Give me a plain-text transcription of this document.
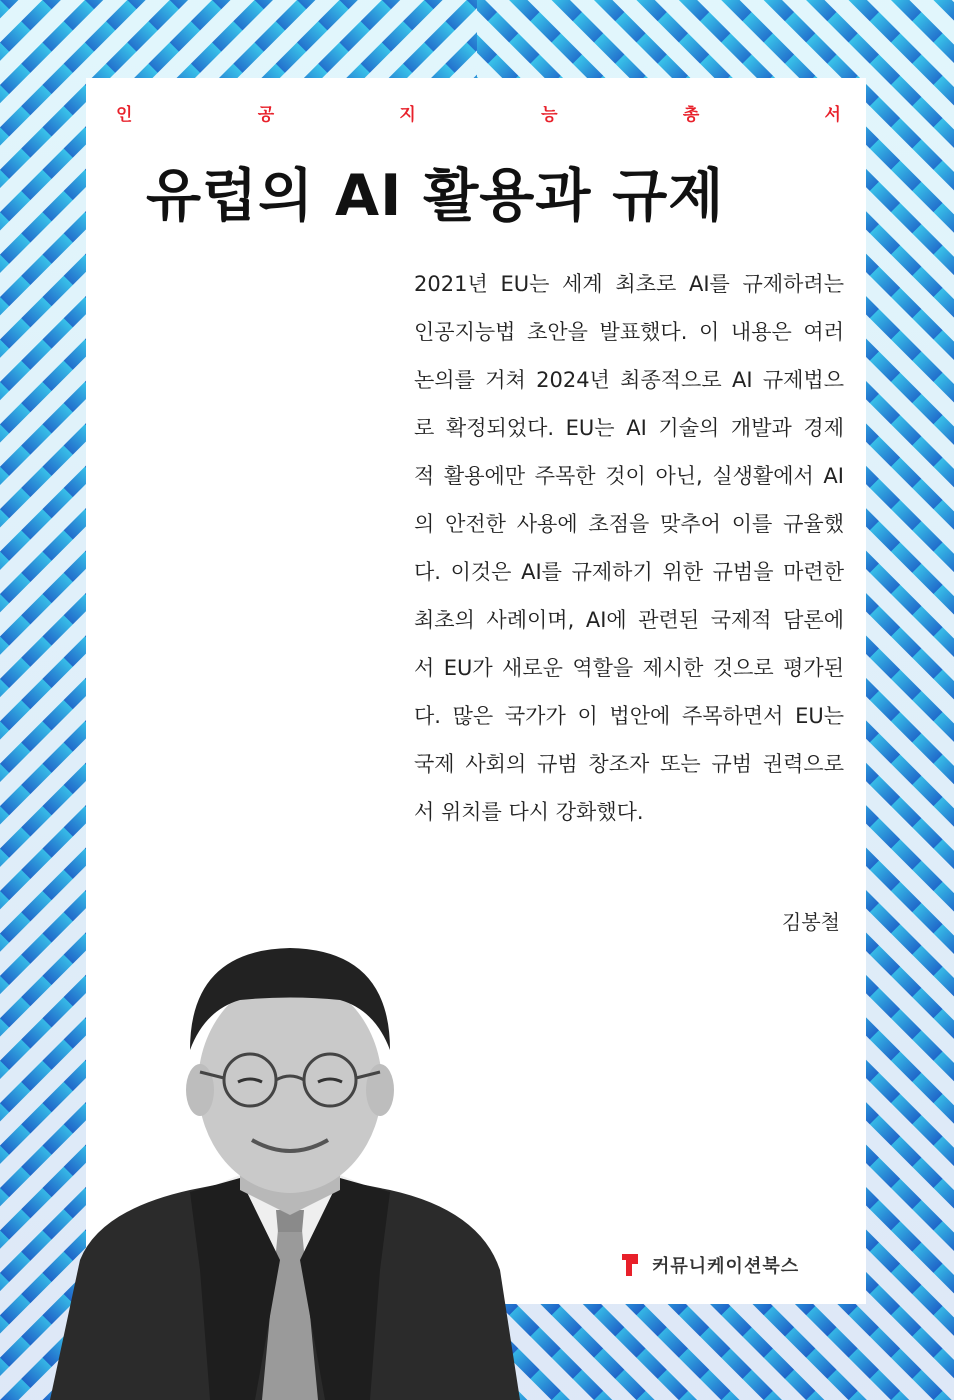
인	공	지	능	총	서
유럽의 AI 활용과 규제
2021년 EU는 세계 최초로 AI를 규제하려는
인공지능법 초안을 발표했다. 이 내용은 여러
논의를 거쳐 2024년 최종적으로 AI 규제법으
로 확정되었다. EU는 AI 기술의 개발과 경제
적 활용에만 주목한 것이 아닌, 실생활에서 AI
의 안전한 사용에 초점을 맞추어 이를 규율했
다. 이것은 AI를 규제하기 위한 규범을 마련한
최초의 사례이며, AI에 관련된 국제적 담론에
서 EU가 새로운 역할을 제시한 것으로 평가된
다. 많은 국가가 이 법안에 주목하면서 EU는
국제 사회의 규범 창조자 또는 규범 권력으로
서 위치를 다시 강화했다.
김봉철
커뮤니케이션북스
